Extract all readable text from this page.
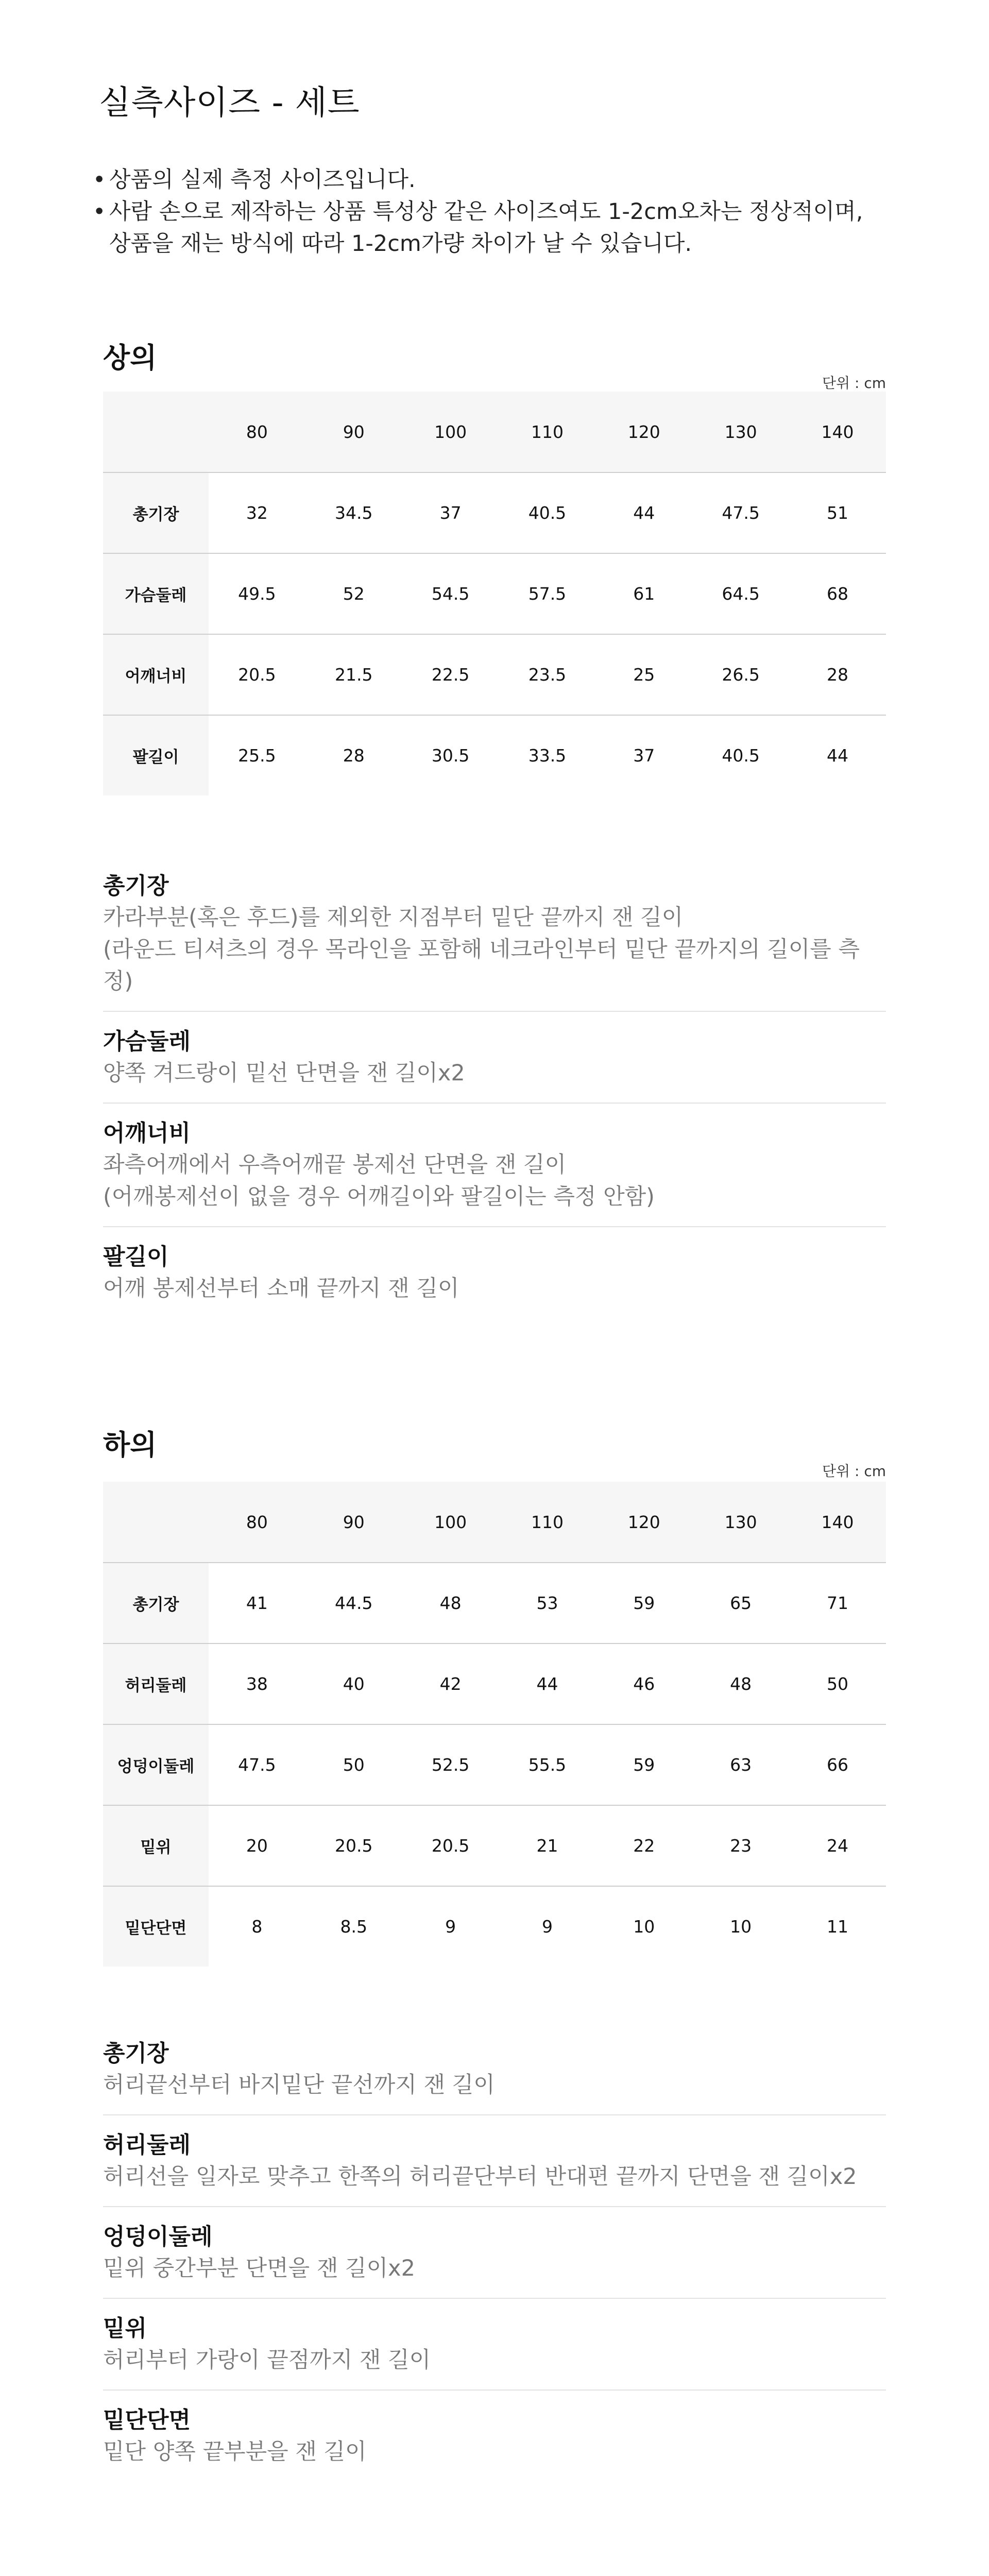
실측사이즈 - 세트
• 상품의 실제 측정 사이즈입니다.
• 사람 손으로 제작하는 상품 특성상 같은 사이즈여도 1-2cm오차는 정상적이며,
상품을 재는 방식에 따라 1-2cm가량 차이가 날 수 있습니다.
상의
단위 : cm
	80	90	100	110	120	130	140
총기장	32	34.5	37	40.5	44	47.5	51
가슴둘레	49.5	52	54.5	57.5	61	64.5	68
어깨너비	20.5	21.5	22.5	23.5	25	26.5	28
팔길이	25.5	28	30.5	33.5	37	40.5	44
총기장
카라부분(혹은 후드)를 제외한 지점부터 밑단 끝까지 잰 길이
(라운드 티셔츠의 경우 목라인을 포함해 네크라인부터 밑단 끝까지의 길이를 측정)
가슴둘레
양쪽 겨드랑이 밑선 단면을 잰 길이x2
어깨너비
좌측어깨에서 우측어깨끝 봉제선 단면을 잰 길이
(어깨봉제선이 없을 경우 어깨길이와 팔길이는 측정 안함)
팔길이
어깨 봉제선부터 소매 끝까지 잰 길이
하의
단위 : cm
	80	90	100	110	120	130	140
총기장	41	44.5	48	53	59	65	71
허리둘레	38	40	42	44	46	48	50
엉덩이둘레	47.5	50	52.5	55.5	59	63	66
밑위	20	20.5	20.5	21	22	23	24
밑단단면	8	8.5	9	9	10	10	11
총기장
허리끝선부터 바지밑단 끝선까지 잰 길이
허리둘레
허리선을 일자로 맞추고 한쪽의 허리끝단부터 반대편 끝까지 단면을 잰 길이x2
엉덩이둘레
밑위 중간부분 단면을 잰 길이x2
밑위
허리부터 가랑이 끝점까지 잰 길이
밑단단면
밑단 양쪽 끝부분을 잰 길이
